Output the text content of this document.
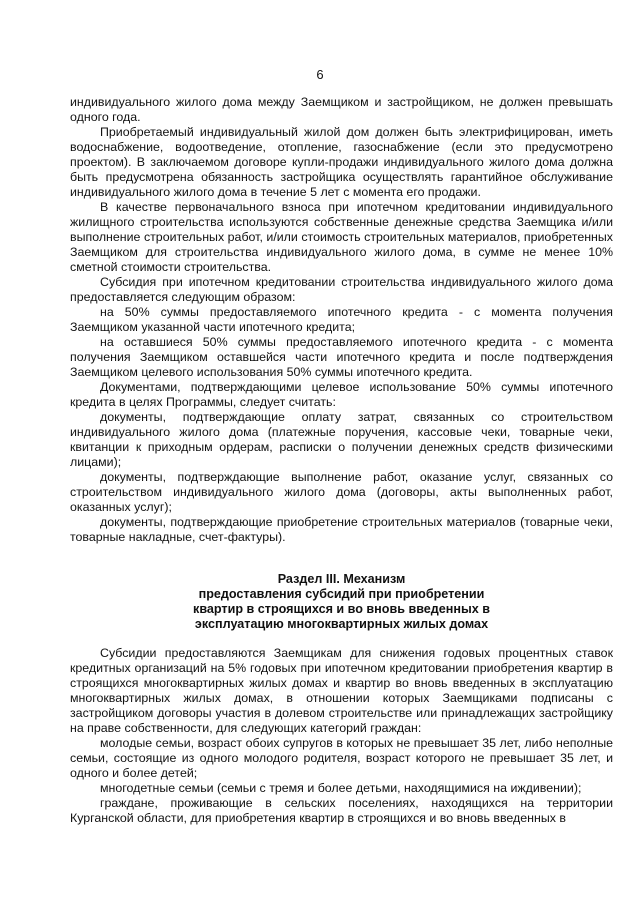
6

индивидуального жилого дома между Заемщиком и застройщиком, не должен превышать одного года.

Приобретаемый индивидуальный жилой дом должен быть электрифицирован, иметь водоснабжение, водоотведение, отопление, газоснабжение (если это предусмотрено проектом). В заключаемом договоре купли-продажи индивидуального жилого дома должна быть предусмотрена обязанность застройщика осуществлять гарантийное обслуживание индивидуального жилого дома в течение 5 лет с момента его продажи.

В качестве первоначального взноса при ипотечном кредитовании индивидуального жилищного строительства используются собственные денежные средства Заемщика и/или выполнение строительных работ, и/или стоимость строительных материалов, приобретенных Заемщиком для строительства индивидуального жилого дома, в сумме не менее 10% сметной стоимости строительства.

Субсидия при ипотечном кредитовании строительства индивидуального жилого дома предоставляется следующим образом:

на 50% суммы предоставляемого ипотечного кредита - с момента получения Заемщиком указанной части ипотечного кредита;

на оставшиеся 50% суммы предоставляемого ипотечного кредита - с момента получения Заемщиком оставшейся части ипотечного кредита и после подтверждения Заемщиком целевого использования 50% суммы ипотечного кредита.

Документами, подтверждающими целевое использование 50% суммы ипотечного кредита в целях Программы, следует считать:

документы, подтверждающие оплату затрат, связанных со строительством индивидуального жилого дома (платежные поручения, кассовые чеки, товарные чеки, квитанции к приходным ордерам, расписки о получении денежных средств физическими лицами);

документы, подтверждающие выполнение работ, оказание услуг, связанных со строительством индивидуального жилого дома (договоры, акты выполненных работ, оказанных услуг);

документы, подтверждающие приобретение строительных материалов (товарные чеки, товарные накладные, счет-фактуры).

Раздел III. Механизм
предоставления субсидий при приобретении
квартир в строящихся и во вновь введенных в
эксплуатацию многоквартирных жилых домах

Субсидии предоставляются Заемщикам для снижения годовых процентных ставок кредитных организаций на 5% годовых при ипотечном кредитовании приобретения квартир в строящихся многоквартирных жилых домах и квартир во вновь введенных в эксплуатацию многоквартирных жилых домах, в отношении которых Заемщиками подписаны с застройщиком договоры участия в долевом строительстве или принадлежащих застройщику на праве собственности, для следующих категорий граждан:

молодые семьи, возраст обоих супругов в которых не превышает 35 лет, либо неполные семьи, состоящие из одного молодого родителя, возраст которого не превышает 35 лет, и одного и более детей;

многодетные семьи (семьи с тремя и более детьми, находящимися на иждивении);

граждане, проживающие в сельских поселениях, находящихся на территории Курганской области, для приобретения квартир в строящихся и во вновь введенных в
